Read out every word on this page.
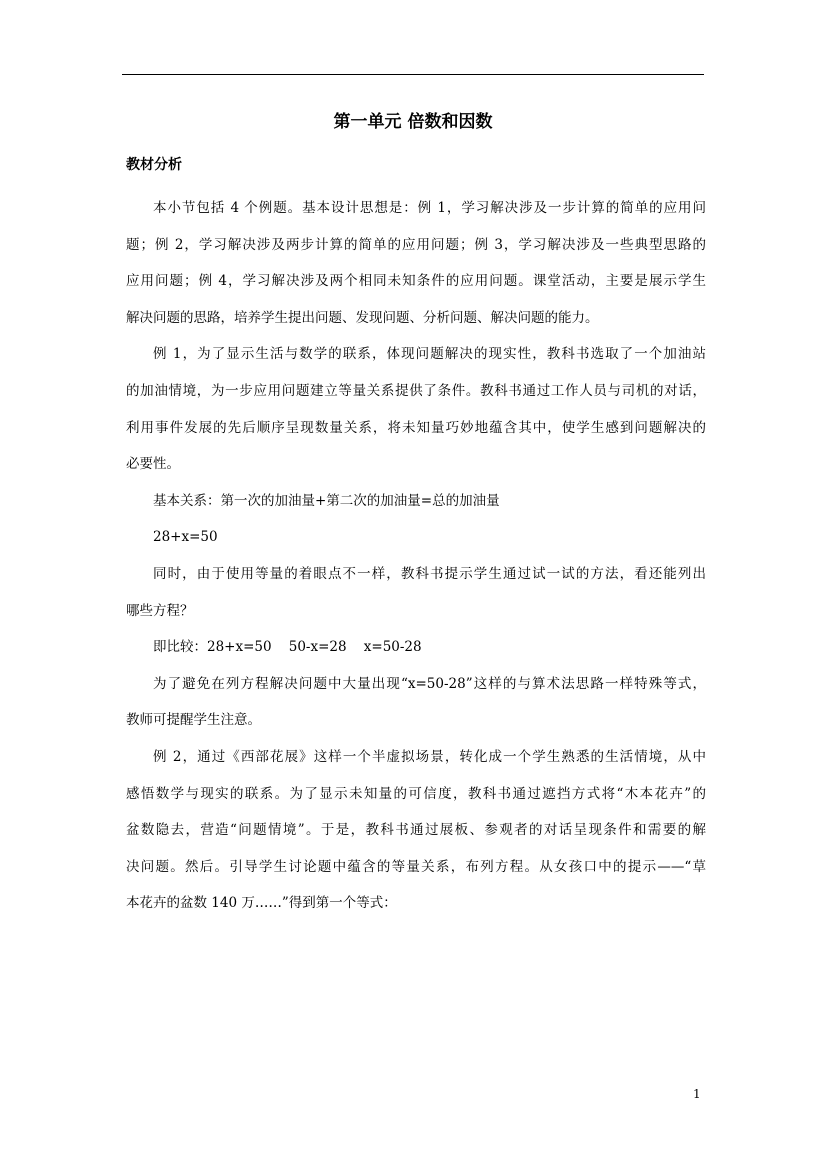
第一单元 倍数和因数
教材分析
本小节包括 4 个例题。基本设计思想是：例 1，学习解决涉及一步计算的简单的应用问
题；例 2，学习解决涉及两步计算的简单的应用问题；例 3，学习解决涉及一些典型思路的
应用问题；例 4，学习解决涉及两个相同未知条件的应用问题。课堂活动，主要是展示学生
解决问题的思路，培养学生提出问题、发现问题、分析问题、解决问题的能力。
例 1，为了显示生活与数学的联系，体现问题解决的现实性，教科书选取了一个加油站
的加油情境，为一步应用问题建立等量关系提供了条件。教科书通过工作人员与司机的对话，
利用事件发展的先后顺序呈现数量关系，将未知量巧妙地蕴含其中，使学生感到问题解决的
必要性。
基本关系：第一次的加油量+第二次的加油量=总的加油量
28+x=50
同时，由于使用等量的着眼点不一样，教科书提示学生通过试一试的方法，看还能列出
哪些方程？
即比较：28+x=50    50-x=28    x=50-28
为了避免在列方程解决问题中大量出现“x=50-28”这样的与算术法思路一样特殊等式，
教师可提醒学生注意。
例 2，通过《西部花展》这样一个半虚拟场景，转化成一个学生熟悉的生活情境，从中
感悟数学与现实的联系。为了显示未知量的可信度，教科书通过遮挡方式将“木本花卉”的
盆数隐去，营造“问题情境”。于是，教科书通过展板、参观者的对话呈现条件和需要的解
决问题。然后。引导学生讨论题中蕴含的等量关系，布列方程。从女孩口中的提示——“草
本花卉的盆数 140 万……”得到第一个等式：
1
